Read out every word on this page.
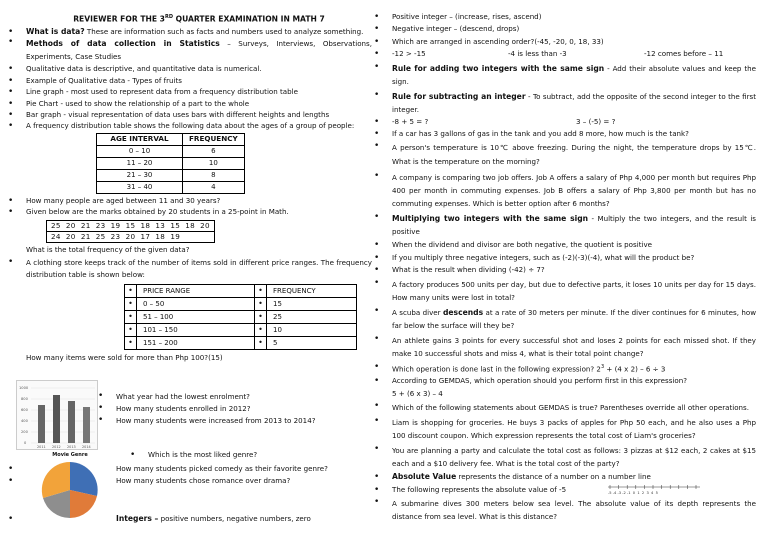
REVIEWER FOR THE 3RD QUARTER EXAMINATION IN MATH 7
• What is data? These are information such as facts and numbers used to analyze something.
• Methods of data collection in Statistics – Surveys, Interviews, Observations, Experiments, Case Studies
• Qualitative data is descriptive, and quantitative data is numerical.
• Example of Qualitative data - Types of fruits
• Line graph - most used to represent data from a frequency distribution table
• Pie Chart - used to show the relationship of a part to the whole
• Bar graph - visual representation of data uses bars with different heights and lengths
• A frequency distribution table shows the following data about the ages of a group of people:
AGE INTERVAL	FREQUENCY
0 – 10	6
11 – 20	10
21 – 30	8
31 – 40	4
• How many people are aged between 11 and 30 years?
• Given below are the marks obtained by 20 students in a 25-point in Math.
25  20  21  23  19  15  18  13  15  18  20
24  20  21  25  23  20  17  18  19
What is the total frequency of the given data?
• A clothing store keeps track of the number of items sold in different price ranges. The frequency distribution table is shown below:
•	PRICE RANGE	•	FREQUENCY
•	0 – 50	•	15
•	51 – 100	•	25
•	101 – 150	•	10
•	151 – 200	•	5
How many items were sold for more than Php 100?(15)
1000
800
600
400
200
0
2011 2012 2013 2014
• What year had the lowest enrolment?
• How many students enrolled in 2012?
• How many students were increased from 2013 to 2014?
Movie Genre	• Which is the most liked genre?
How many students picked comedy as their favorite genre?
How many students chose romance over drama?
•
•
•	Integers – positive numbers, negative numbers, zero
• Positive integer – (increase, rises, ascend)
• Negative integer – (descend, drops)
• Which are arranged in ascending order?(-45, -20, 0, 18, 33)
• -12 > -15	-4 is less than -3	-12 comes before – 11
• Rule for adding two integers with the same sign - Add their absolute values and keep the sign.
• Rule for subtracting an integer - To subtract, add the opposite of the second integer to the first integer.
• -8 + 5 = ?	3 – (-5) = ?
• If a car has 3 gallons of gas in the tank and you add 8 more, how much is the tank?
• A person's temperature is 10℃ above freezing. During the night, the temperature drops by 15℃. What is the temperature on the morning?
• A company is comparing two job offers. Job A offers a salary of Php 4,000 per month but requires Php 400 per month in commuting expenses. Job B offers a salary of Php 3,800 per month but has no commuting expenses. Which is better option after 6 months?
• Multiplying two integers with the same sign - Multiply the two integers, and the result is positive
• When the dividend and divisor are both negative, the quotient is positive
• If you multiply three negative integers, such as (-2)(-3)(-4), what will the product be?
• What is the result when dividing (-42) ÷ 7?
• A factory produces 500 units per day, but due to defective parts, it loses 10 units per day for 15 days. How many units were lost in total?
• A scuba diver descends at a rate of 30 meters per minute. If the diver continues for 6 minutes, how far below the surface will they be?
• An athlete gains 3 points for every successful shot and loses 2 points for each missed shot. If they make 10 successful shots and miss 4, what is their total point change?
• Which operation is done last in the following expression? $2^3 + (4$ x 2) – 6 ÷ 3
• According to GEMDAS, which operation should you perform first in this expression?
5 + (6 x 3) – 4
• Which of the following statements about GEMDAS is true? Parentheses override all other operations.
• Liam is shopping for groceries. He buys 3 packs of apples for Php 50 each, and he also uses a Php 100 discount coupon. Which expression represents the total cost of Liam's groceries?
• You are planning a party and calculate the total cost as follows: 3 pizzas at $12 each, 2 cakes at $15 each and a $10 delivery fee. What is the total cost of the party?
• Absolute Value represents the distance of a number on a number line
• The following represents the absolute value of -5	-5 -4 -3 -2 -1  0  1  2  3  4  5
• A submarine dives 300 meters below sea level. The absolute value of its depth represents the distance from sea level. What is this distance?
